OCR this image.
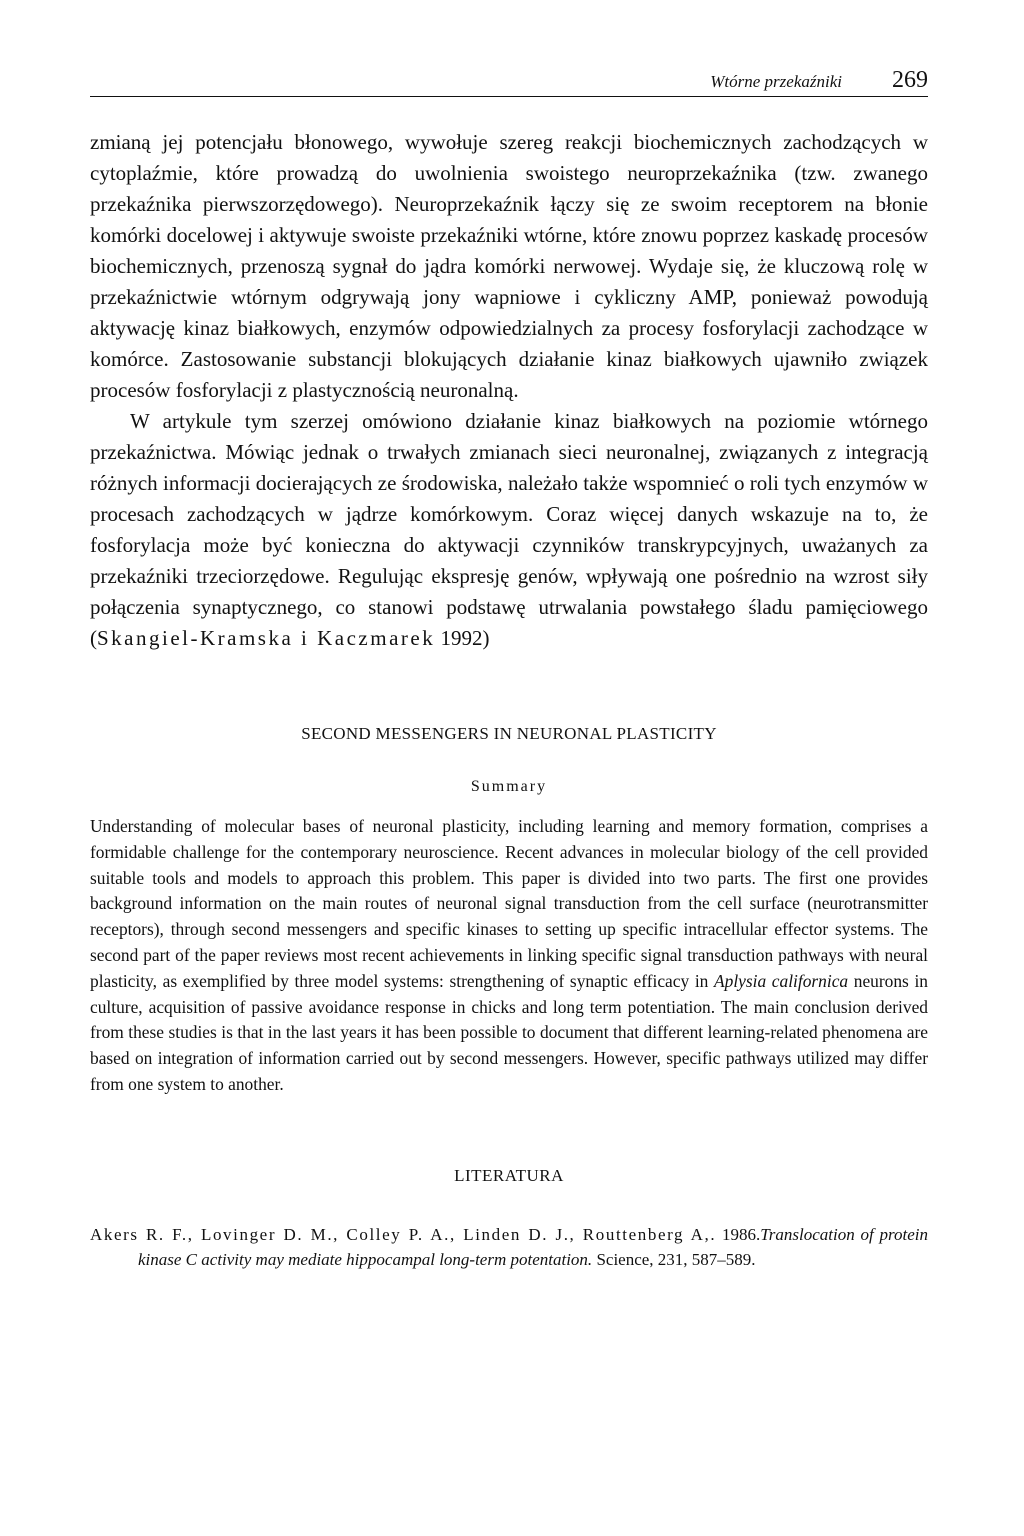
Wtórne przekaźniki 269

zmianą jej potencjału błonowego, wywołuje szereg reakcji biochemicznych zachodzących w cytoplaźmie, które prowadzą do uwolnienia swoistego neuroprzekaźnika (tzw. zwanego przekaźnika pierwszorzędowego). Neuroprzekaźnik łączy się ze swoim receptorem na błonie komórki docelowej i aktywuje swoiste przekaźniki wtórne, które znowu poprzez kaskadę procesów biochemicznych, przenoszą sygnał do jądra komórki nerwowej. Wydaje się, że kluczową rolę w przekaźnictwie wtórnym odgrywają jony wapniowe i cykliczny AMP, ponieważ powodują aktywację kinaz białkowych, enzymów odpowiedzialnych za procesy fosforylacji zachodzące w komórce. Zastosowanie substancji blokujących działanie kinaz białkowych ujawniło związek procesów fosforylacji z plastycznością neuronalną.

W artykule tym szerzej omówiono działanie kinaz białkowych na poziomie wtórnego przekaźnictwa. Mówiąc jednak o trwałych zmianach sieci neuronalnej, związanych z integracją różnych informacji docierających ze środowiska, należało także wspomnieć o roli tych enzymów w procesach zachodzących w jądrze komórkowym. Coraz więcej danych wskazuje na to, że fosforylacja może być konieczna do aktywacji czynników transkrypcyjnych, uważanych za przekaźniki trzeciorzędowe. Regulując ekspresję genów, wpływają one pośrednio na wzrost siły połączenia synaptycznego, co stanowi podstawę utrwalania powstałego śladu pamięciowego (Skangiel-Kramska i Kaczmarek 1992)

SECOND MESSENGERS IN NEURONAL PLASTICITY
Summary

Understanding of molecular bases of neuronal plasticity, including learning and memory formation, comprises a formidable challenge for the contemporary neuroscience. Recent advances in molecular biology of the cell provided suitable tools and models to approach this problem. This paper is divided into two parts. The first one provides background information on the main routes of neuronal signal transduction from the cell surface (neurotransmitter receptors), through second messengers and specific kinases to setting up specific intracellular effector systems. The second part of the paper reviews most recent achievements in linking specific signal transduction pathways with neural plasticity, as exemplified by three model systems: strengthening of synaptic efficacy in Aplysia californica neurons in culture, acquisition of passive avoidance response in chicks and long term potentiation. The main conclusion derived from these studies is that in the last years it has been possible to document that different learning-related phenomena are based on integration of information carried out by second messengers. However, specific pathways utilized may differ from one system to another.

LITERATURA
Akers R. F., Lovinger D. M., Colley P. A., Linden D. J., Routtenberg A,. 1986.Translocation of protein kinase C activity may mediate hippocampal long-term potentation. Science, 231, 587–589.
